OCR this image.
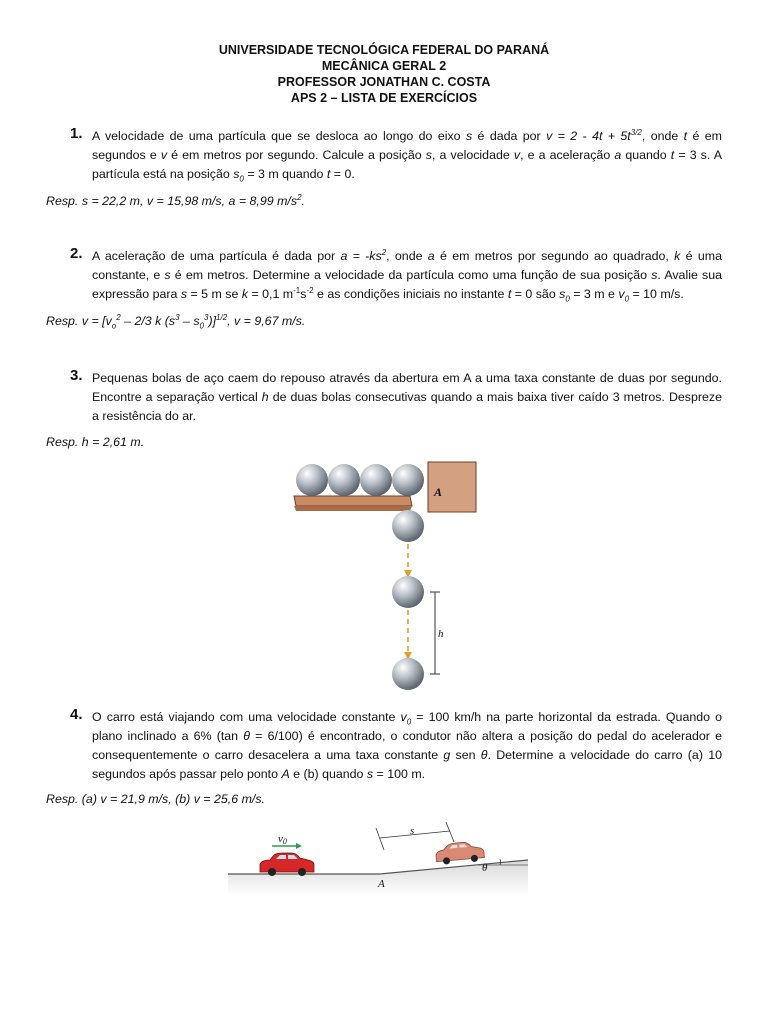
UNIVERSIDADE TECNOLÓGICA FEDERAL DO PARANÁ
MECÂNICA GERAL 2
PROFESSOR JONATHAN C. COSTA
APS 2 – LISTA DE EXERCÍCIOS
1. A velocidade de uma partícula que se desloca ao longo do eixo s é dada por $v = 2 - 4t + 5t^{3/2}$, onde t é em segundos e v é em metros por segundo. Calcule a posição s, a velocidade v, e a aceleração a quando t = 3 s. A partícula está na posição $s_0 = 3$ m quando t = 0.
Resp. s = 22,2 m, v = 15,98 m/s, a = 8,99 $m/s^2$.
2. A aceleração de uma partícula é dada por $a = -ks^2$, onde a é em metros por segundo ao quadrado, k é uma constante, e s é em metros. Determine a velocidade da partícula como uma função de sua posição s. Avalie sua expressão para s = 5 m se k = 0,1 $m^{-1}s^{-2}$ e as condições iniciais no instante t = 0 são $s_0 = 3$ m e $v_0 = 10$ m/s.
Resp. $v = [v_o^2 - 2/3$ k $(s^3 - s_0^3)]^{1/2}$, v = 9,67 m/s.
3. Pequenas bolas de aço caem do repouso através da abertura em A a uma taxa constante de duas por segundo. Encontre a separação vertical h de duas bolas consecutivas quando a mais baixa tiver caído 3 metros. Despreze a resistência do ar.
Resp. h = 2,61 m.
A
h
4. O carro está viajando com uma velocidade constante $v_0 = 100$ km/h na parte horizontal da estrada. Quando o plano inclinado a 6% (tan θ = 6/100) é encontrado, o condutor não altera a posição do pedal do acelerador e consequentemente o carro desacelera a uma taxa constante g sen θ. Determine a velocidade do carro (a) 10 segundos após passar pelo ponto A e (b) quando s = 100 m.
Resp. (a) v = 21,9 m/s, (b) v = 25,6 m/s.
v0
s
θ
A
